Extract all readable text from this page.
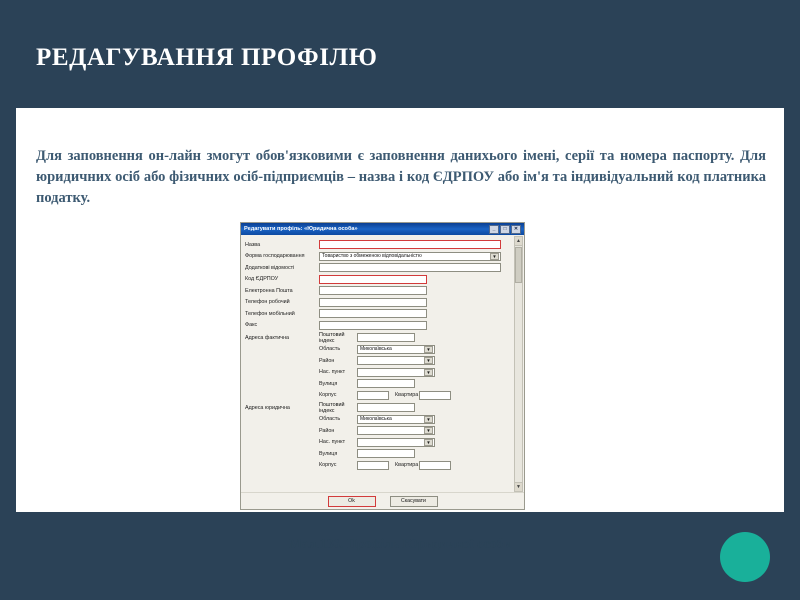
РЕДАГУВАННЯ ПРОФІЛЮ
Для заповнення он-лайн змогут обов'язковими є заповнення данихього імені, серії та номера паспорту. Для юридичних осіб або фізичних осіб-підприємців – назва і код ЄДРПОУ або ім'я та індивідуальний код платника податку.
Редагувати профіль: «Юридична особа»	_	□	✕
▲
▼
Назва
Форма господарювання	Товариство з обмеженою відповідальністю	▼
Додаткові відомості
Код ЄДРПОУ
Електронна Пошта
Телефон робочий
Телефон мобільний
Факс
Адреса фактична	Поштовий індекс
Область	Миколаївська	▼
Район	▼
Нас. пункт	▼
Вулиця
Корпус	Квартира
Адреса юридична	Поштовий індекс
Область	Миколаївська	▼
Район	▼
Нас. пункт	▼
Вулиця
Корпус	Квартира
Ok	Скасувати
Мал.136. Профіль Юридичної особи
